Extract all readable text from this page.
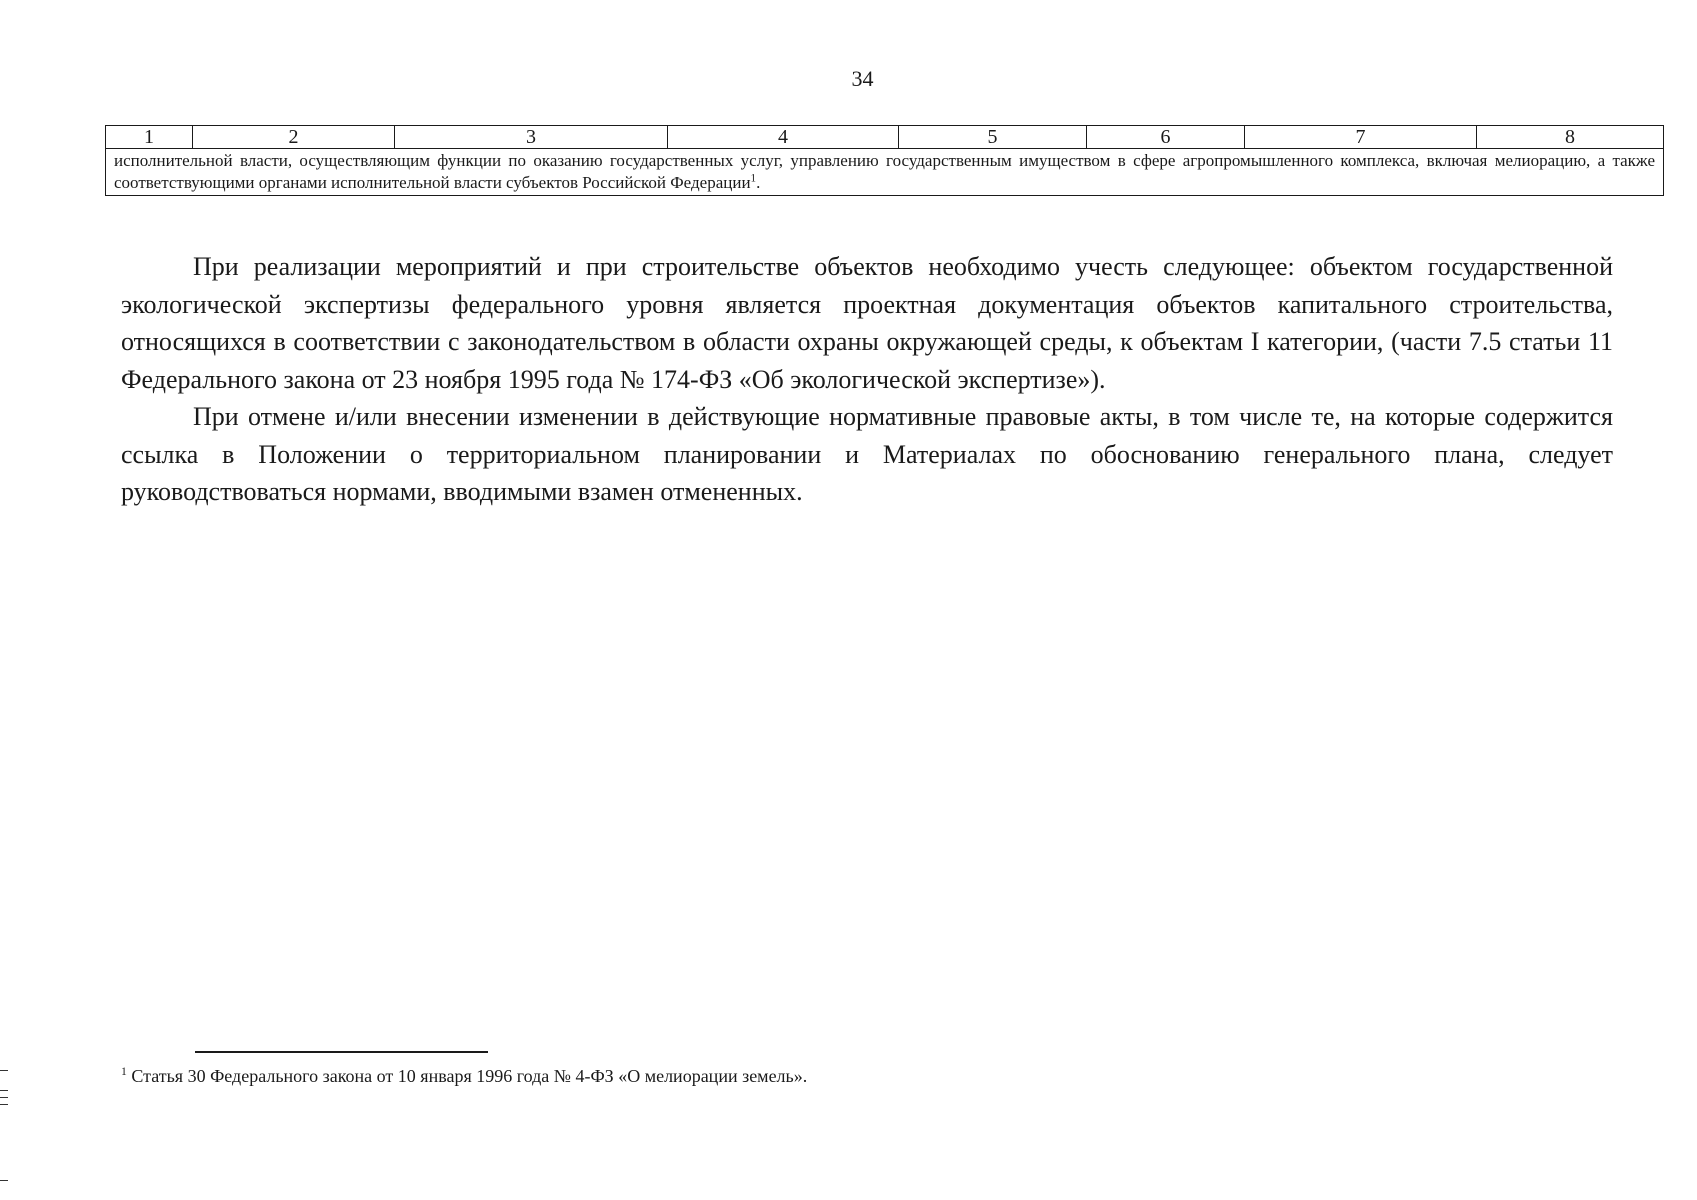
34
1	2	3	4	5	6	7	8
исполнительной власти, осуществляющим функции по оказанию государственных услуг, управлению государственным имуществом в сфере агропромышленного комплекса, включая мелиорацию, а также соответствующими органами исполнительной власти субъектов Российской Федерации$^1$.

При реализации мероприятий и при строительстве объектов необходимо учесть следующее: объектом государственной экологической экспертизы федерального уровня является проектная документация объектов капитального строительства, относящихся в соответствии с законодательством в области охраны окружающей среды, к объектам I категории, (части 7.5 статьи 11 Федерального закона от 23 ноября 1995 года № 174-ФЗ «Об экологической экспертизе»).

При отмене и/или внесении изменении в действующие нормативные правовые акты, в том числе те, на которые содержится ссылка в Положении о территориальном планировании и Материалах по обоснованию генерального плана, следует руководствоваться нормами, вводимыми взамен отмененных.

$^1$ Статья 30 Федерального закона от 10 января 1996 года № 4-ФЗ «О мелиорации земель».
